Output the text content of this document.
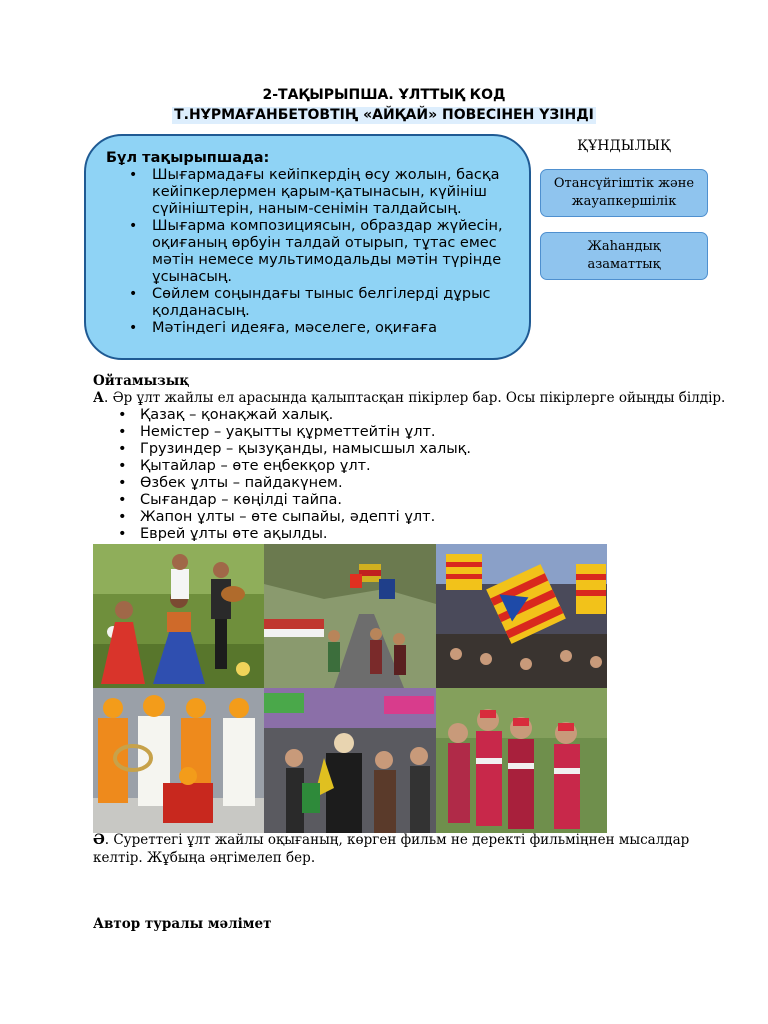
2-ТАҚЫРЫПША. ҰЛТТЫҚ КОД
Т.НҰРМАҒАНБЕТОВТІҢ «АЙҚАЙ» ПОВЕСІНЕН ҮЗІНДІ
Бұл тақырыпшада:
• Шығармадағы кейіпкердің өсу жолын, басқа кейіпкерлермен қарым-қатынасын, күйініш сүйініштерін, наным-сенімін талдайсың.
• Шығарма композициясын, образдар жүйесін, оқиғаның өрбуін талдай отырып, тұтас емес мәтін немесе мультимодальды мәтін түрінде ұсынасың.
• Сөйлем соңындағы тыныс белгілерді дұрыс қолданасың.
• Мәтіндегі идеяға, мәселеге, оқиғаға
ҚҰНДЫЛЫҚ
Отансүйгіштік және жауапкершілік
Жаһандық азаматтық
Ойтамызық
А. Әр ұлт жайлы ел арасында қалыптасқан пікірлер бар. Осы пікірлерге ойыңды білдір.
• Қазақ – қонақжай халық.
• Немістер – уақытты құрметтейтін ұлт.
• Грузиндер – қызуқанды, намысшыл халық.
• Қытайлар – өте еңбекқор ұлт.
• Өзбек ұлты – пайдакүнем.
• Сығандар – көңілді тайпа.
• Жапон ұлты – өте сыпайы, әдепті ұлт.
• Еврей ұлты өте ақылды.
Ә. Суреттегі ұлт жайлы оқығаның, көрген фильм не деректі фильміңнен мысалдар келтір. Жұбыңа әңгімелеп бер.
Автор туралы мәлімет
